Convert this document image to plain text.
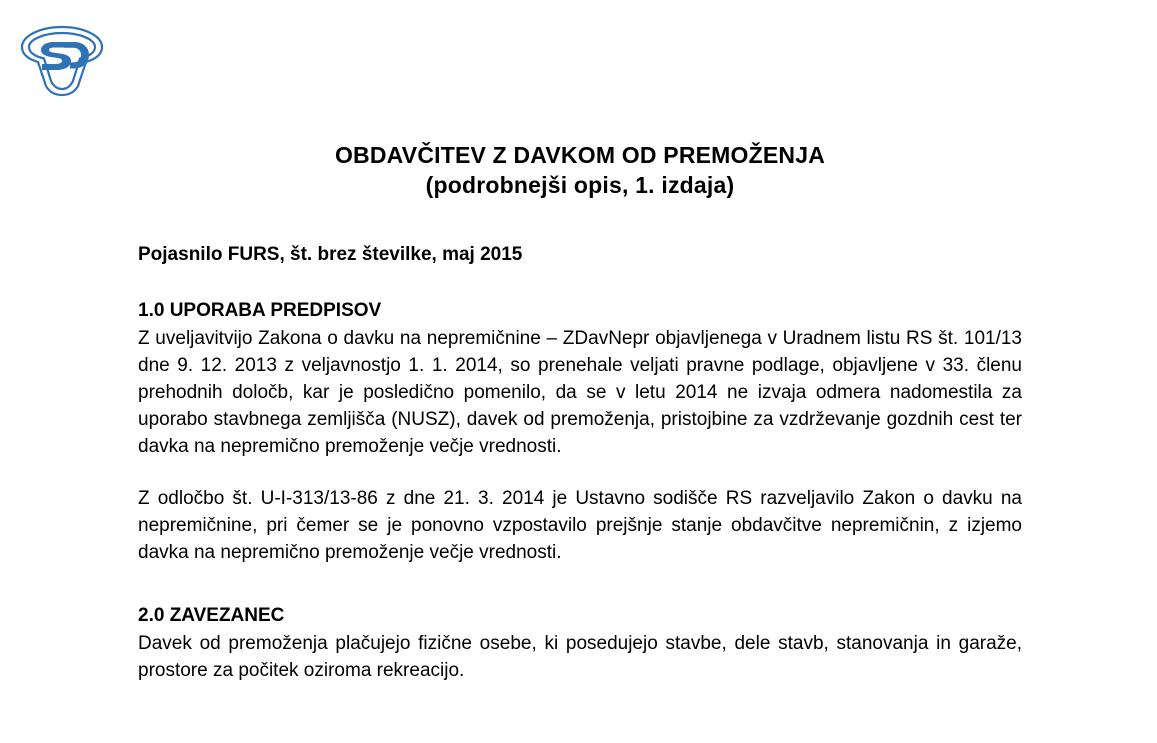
OBDAVČITEV Z DAVKOM OD PREMOŽENJA
(podrobnejši opis, 1. izdaja)
Pojasnilo FURS, št. brez številke, maj 2015
1.0 UPORABA PREDPISOV

Z uveljavitvijo Zakona o davku na nepremičnine – ZDavNepr objavljenega v Uradnem listu RS št. 101/13 dne 9. 12. 2013 z veljavnostjo 1. 1. 2014, so prenehale veljati pravne podlage, objavljene v 33. členu prehodnih določb, kar je posledično pomenilo, da se v letu 2014 ne izvaja odmera nadomestila za uporabo stavbnega zemljišča (NUSZ), davek od premoženja, pristojbine za vzdrževanje gozdnih cest ter davka na nepremično premoženje večje vrednosti.

Z odločbo št. U-I-313/13-86 z dne 21. 3. 2014 je Ustavno sodišče RS razveljavilo Zakon o davku na nepremičnine, pri čemer se je ponovno vzpostavilo prejšnje stanje obdavčitve nepremičnin, z izjemo davka na nepremično premoženje večje vrednosti.

2.0 ZAVEZANEC

Davek od premoženja plačujejo fizične osebe, ki posedujejo stavbe, dele stavb, stanovanja in garaže, prostore za počitek oziroma rekreacijo.
